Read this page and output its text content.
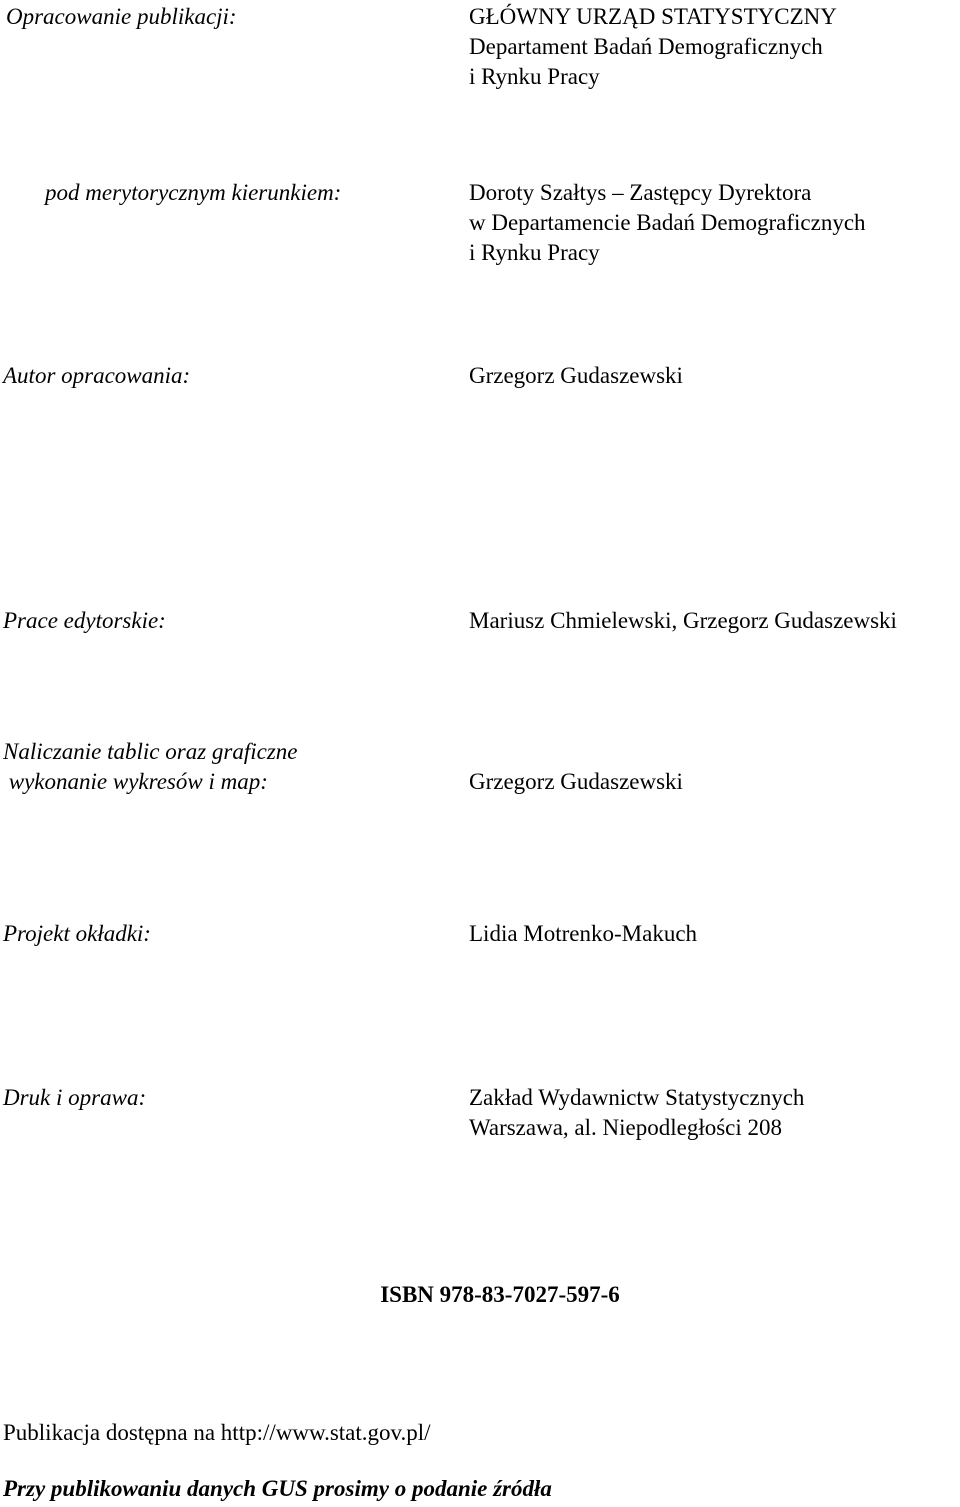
Opracowanie publikacji:	GŁÓWNY URZĄD STATYSTYCZNY
Departament Badań Demograficznych
i Rynku Pracy
pod merytorycznym kierunkiem:	Doroty Szałtys – Zastępcy Dyrektora
w Departamencie Badań Demograficznych
i Rynku Pracy
Autor opracowania:	Grzegorz Gudaszewski
Prace edytorskie:	Mariusz Chmielewski, Grzegorz Gudaszewski
Naliczanie tablic oraz graficzne
wykonanie wykresów i map:	Grzegorz Gudaszewski
Projekt okładki:	Lidia Motrenko-Makuch
Druk i oprawa:	Zakład Wydawnictw Statystycznych
Warszawa, al. Niepodległości 208
ISBN 978-83-7027-597-6
Publikacja dostępna na http://www.stat.gov.pl/
Przy publikowaniu danych GUS prosimy o podanie źródła
